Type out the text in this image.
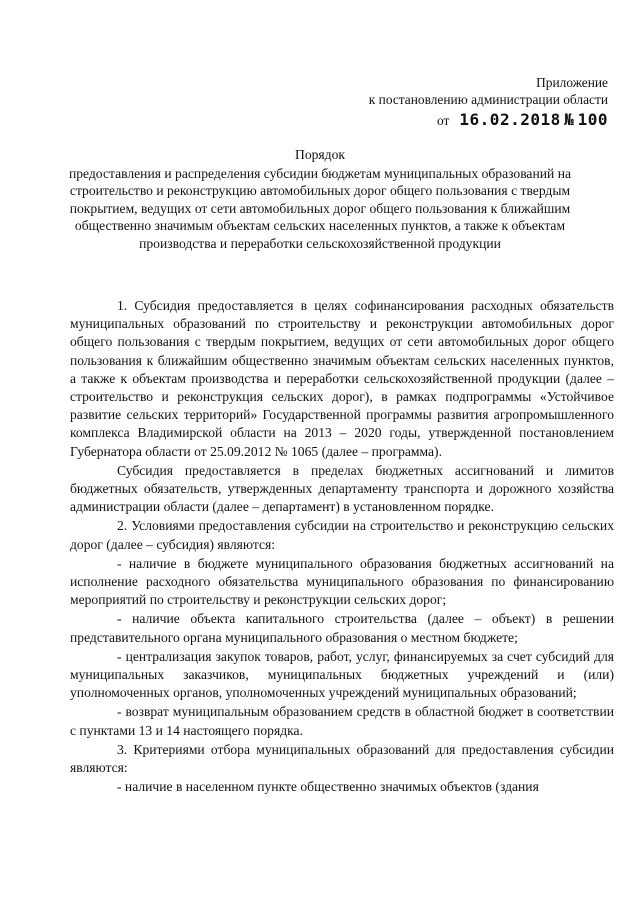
Приложение
к постановлению администрации области
от 16.02.2018 № 100
Порядок
предоставления и распределения субсидии бюджетам муниципальных образований на строительство и реконструкцию автомобильных дорог общего пользования с твердым покрытием, ведущих от сети автомобильных дорог общего пользования к ближайшим общественно значимым объектам сельских населенных пунктов, а также к объектам производства и переработки сельскохозяйственной продукции

1. Субсидия предоставляется в целях софинансирования расходных обязательств муниципальных образований по строительству и реконструкции автомобильных дорог общего пользования с твердым покрытием, ведущих от сети автомобильных дорог общего пользования к ближайшим общественно значимым объектам сельских населенных пунктов, а также к объектам производства и переработки сельскохозяйственной продукции (далее – строительство и реконструкция сельских дорог), в рамках подпрограммы «Устойчивое развитие сельских территорий» Государственной программы развития агропромышленного комплекса Владимирской области на 2013 – 2020 годы, утвержденной постановлением Губернатора области от 25.09.2012 № 1065 (далее – программа).

Субсидия предоставляется в пределах бюджетных ассигнований и лимитов бюджетных обязательств, утвержденных департаменту транспорта и дорожного хозяйства администрации области (далее – департамент) в установленном порядке.

2. Условиями предоставления субсидии на строительство и реконструкцию сельских дорог (далее – субсидия) являются:

- наличие в бюджете муниципального образования бюджетных ассигнований на исполнение расходного обязательства муниципального образования по финансированию мероприятий по строительству и реконструкции сельских дорог;

- наличие объекта капитального строительства (далее – объект) в решении представительного органа муниципального образования о местном бюджете;

- централизация закупок товаров, работ, услуг, финансируемых за счет субсидий для муниципальных заказчиков, муниципальных бюджетных учреждений и (или) уполномоченных органов, уполномоченных учреждений муниципальных образований;

- возврат муниципальным образованием средств в областной бюджет в соответствии с пунктами 13 и 14 настоящего порядка.

3. Критериями отбора муниципальных образований для предоставления субсидии являются:

- наличие в населенном пункте общественно значимых объектов (здания
